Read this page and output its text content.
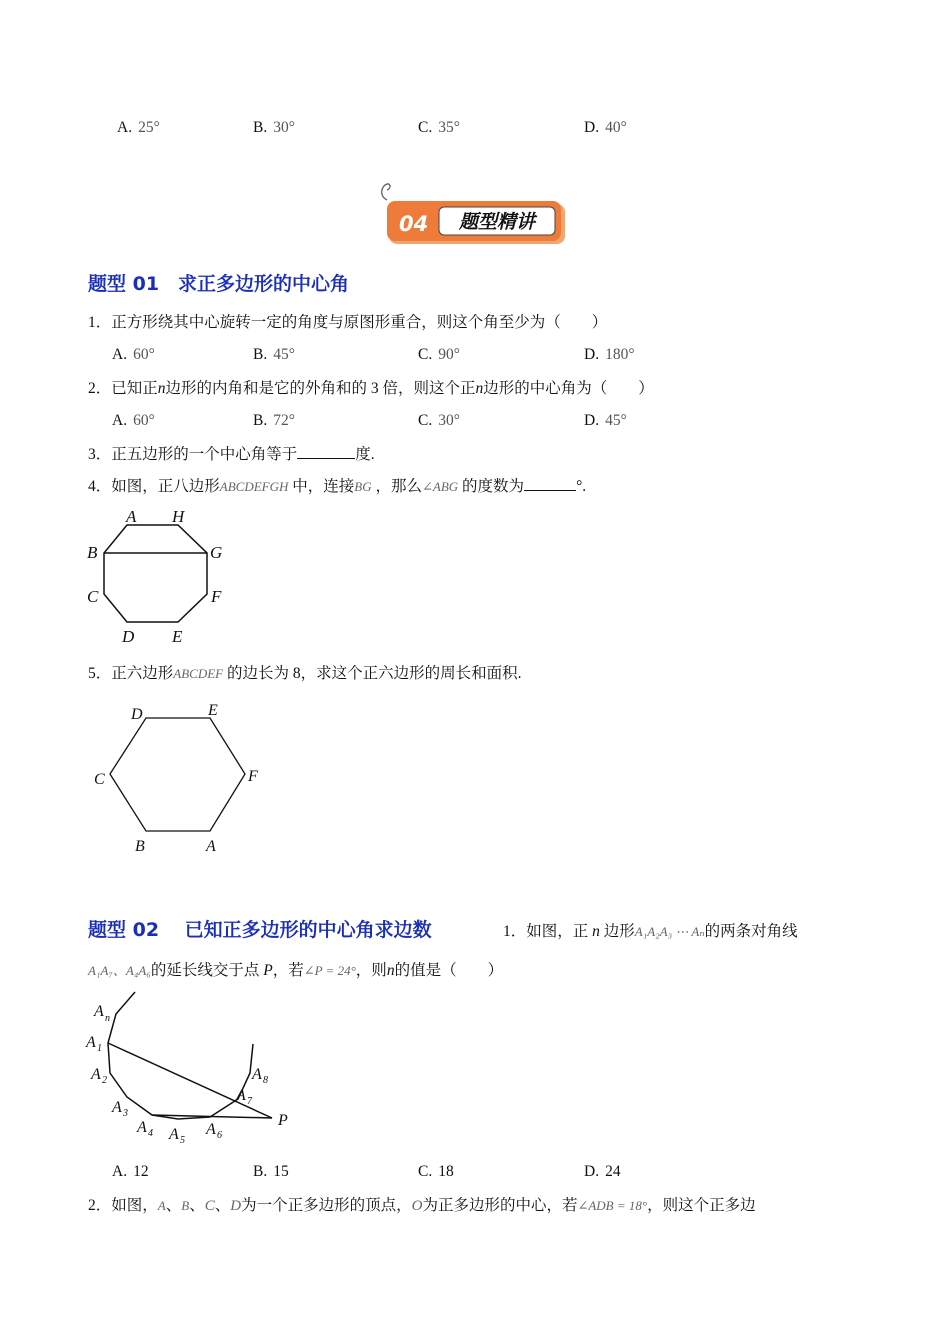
A. 25°	B. 30°	C. 35°	D. 40°
04 题型精讲
题型 01　求正多边形的中心角
1．正方形绕其中心旋转一定的角度与原图形重合，则这个角至少为（　　）
A. 60°	B. 45°	C. 90°	D. 180°
2．已知正n边形的内角和是它的外角和的 3 倍，则这个正n边形的中心角为（　　）
A. 60°	B. 72°	C. 30°	D. 45°
3．正五边形的一个中心角等于	度.
4．如图，正八边形ABCDEFGH 中，连接BG ，那么∠ABG 的度数为	°.
A H
B	G
C	F
D E
5．正六边形ABCDEF 的边长为 8，求这个正六边形的周长和面积.
D	E
C	F
B	A
题型 02　 已知正多边形的中心角求边数	1．如图，正 n 边形A₁A₂A₃ ⋯ Aₙ的两条对角线
A₁A₇、A₄A₆的延长线交于点 P，若∠P = 24°，则n的值是（　　）
A n
A 1
A 2
A 3
A 4 A 5
A 6
A 7
A 8
P
A. 12	B. 15	C. 18	D. 24
2．如图，A、B、C、D为一个正多边形的顶点，O为正多边形的中心，若∠ADB = 18°，则这个正多边
